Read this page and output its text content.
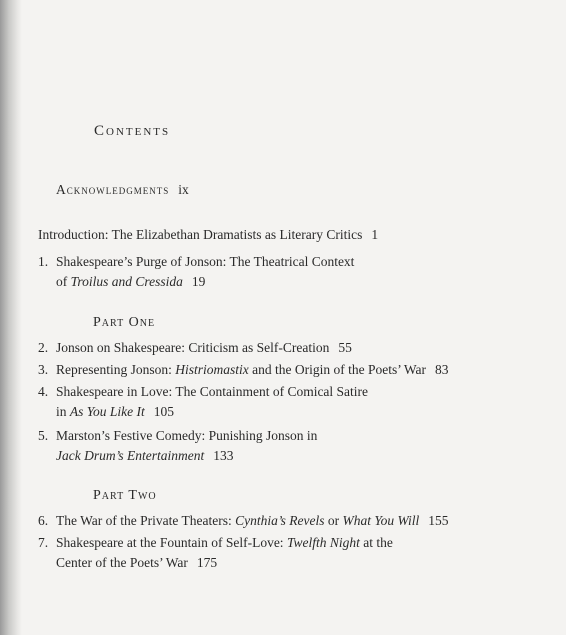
Contents
Acknowledgments ix
Introduction: The Elizabethan Dramatists as Literary Critics 1
1. Shakespeare’s Purge of Jonson: The Theatrical Context
of Troilus and Cressida 19
Part One
2. Jonson on Shakespeare: Criticism as Self-Creation 55
3. Representing Jonson: Histriomastix and the Origin of the Poets’ War 83
4. Shakespeare in Love: The Containment of Comical Satire
in As You Like It 105
5. Marston’s Festive Comedy: Punishing Jonson in
Jack Drum’s Entertainment 133
Part Two
6. The War of the Private Theaters: Cynthia’s Revels or What You Will 155
7. Shakespeare at the Fountain of Self-Love: Twelfth Night at the
Center of the Poets’ War 175
